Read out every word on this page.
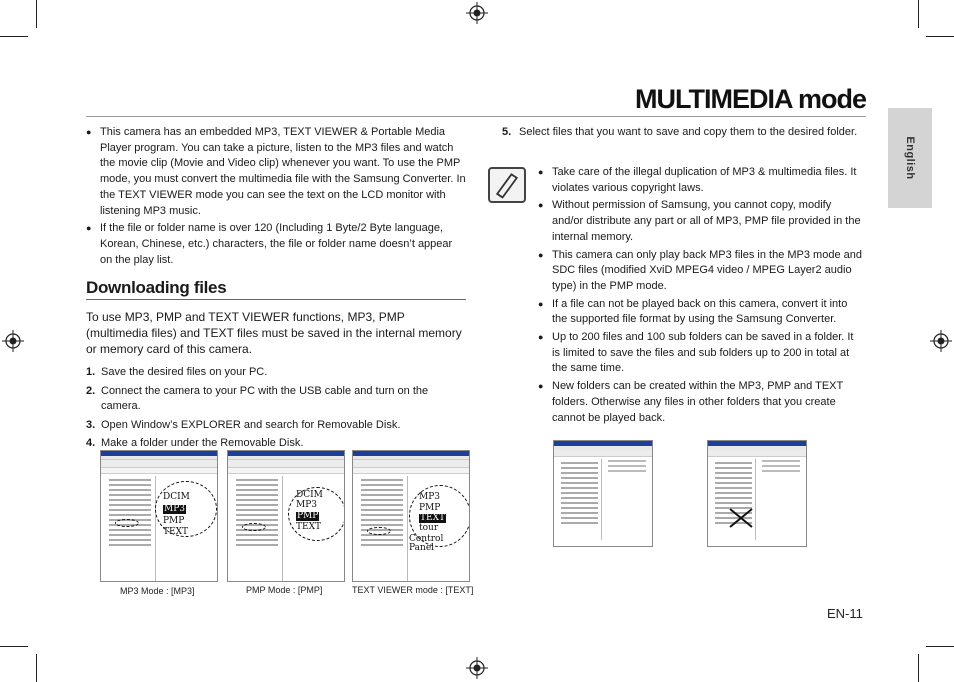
MULTIMEDIA mode
English
● This camera has an embedded MP3, TEXT VIEWER & Portable Media Player program. You can take a picture, listen to the MP3 files and watch the movie clip (Movie and Video clip) whenever you want. To use the PMP mode, you must convert the multimedia file with the Samsung Converter. In the TEXT VIEWER mode you can see the text on the LCD monitor with listening MP3 music.
● If the file or folder name is over 120 (Including 1 Byte/2 Byte language, Korean, Chinese, etc.) characters, the file or folder name doesn’t appear on the play list.
Downloading files
To use MP3, PMP and TEXT VIEWER functions, MP3, PMP (multimedia files) and TEXT files must be saved in the internal memory or memory card of this camera.
1. Save the desired files on your PC.
2. Connect the camera to your PC with the USB cable and turn on the camera.
3. Open Window’s EXPLORER and search for Removable Disk.
4. Make a folder under the Removable Disk.
DCIM
MP3
PMP
TEXT
DCIM
MP3
PMP
TEXT
MP3
PMP
TEXT
tour
Control Panel
MP3 Mode : [MP3]	PMP Mode : [PMP]	TEXT VIEWER mode : [TEXT]
5. Select files that you want to save and copy them to the desired folder.
● Take care of the illegal duplication of MP3 & multimedia files. It violates various copyright laws.
● Without permission of Samsung, you cannot copy, modify and/or distribute any part or all of MP3, PMP file provided in the internal memory.
● This camera can only play back MP3 files in the MP3 mode and SDC files (modified XviD MPEG4 video / MPEG Layer2 audio type) in the PMP mode.
● If a file can not be played back on this camera, convert it into the supported file format by using the Samsung Converter.
● Up to 200 files and 100 sub folders can be saved in a folder. It is limited to save the files and sub folders up to 200 in total at the same time.
● New folders can be created within the MP3, PMP and TEXT folders. Otherwise any files in other folders that you create cannot be played back.
EN-11
